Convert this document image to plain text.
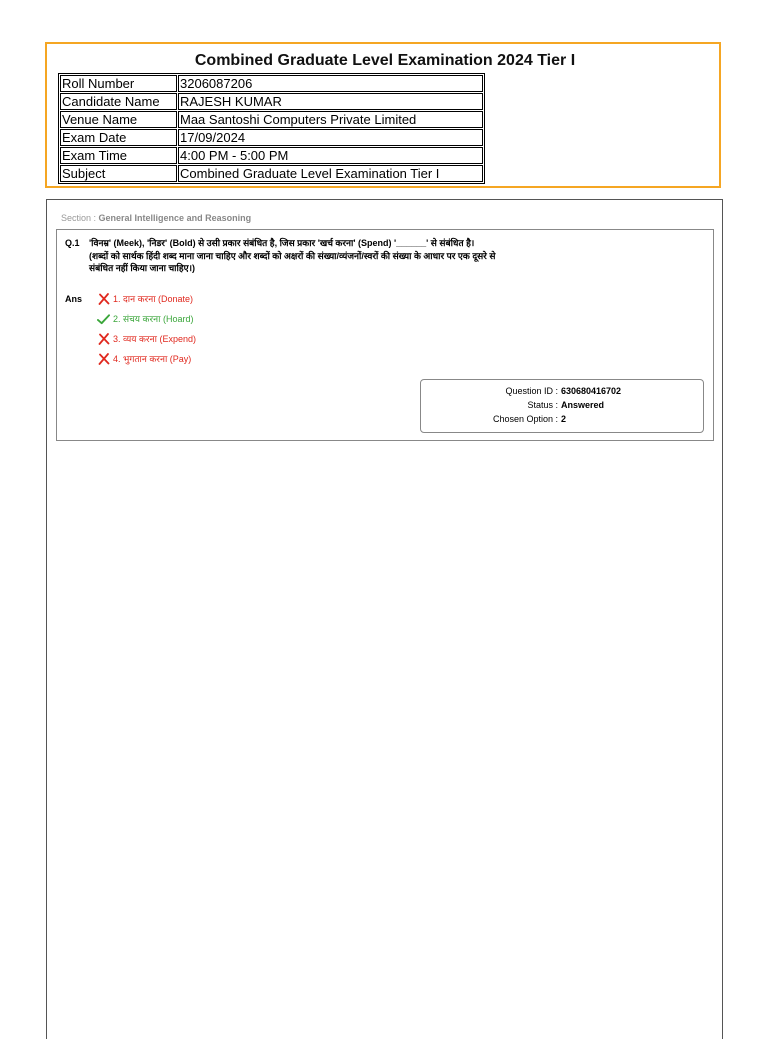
Combined Graduate Level Examination 2024 Tier I
Roll Number	3206087206
Candidate Name	RAJESH KUMAR
Venue Name	Maa Santoshi Computers Private Limited
Exam Date	17/09/2024
Exam Time	4:00 PM - 5:00 PM
Subject	Combined Graduate Level Examination Tier I
Section : General Intelligence and Reasoning
Q.1 'विनम्र' (Meek), 'निडर' (Bold) से उसी प्रकार संबंधित है, जिस प्रकार 'खर्च करना' (Spend) '______' से संबंधित है।
(शब्दों को सार्थक हिंदी शब्द माना जाना चाहिए और शब्दों को अक्षरों की संख्या/व्यंजनों/स्वरों की संख्या के आधार पर एक दूसरे से संबंधित नहीं किया जाना चाहिए।)
Ans	1. दान करना (Donate)
2. संचय करना (Hoard)
3. व्यय करना (Expend)
4. भुगतान करना (Pay)
Question ID : 630680416702
Status : Answered
Chosen Option : 2
